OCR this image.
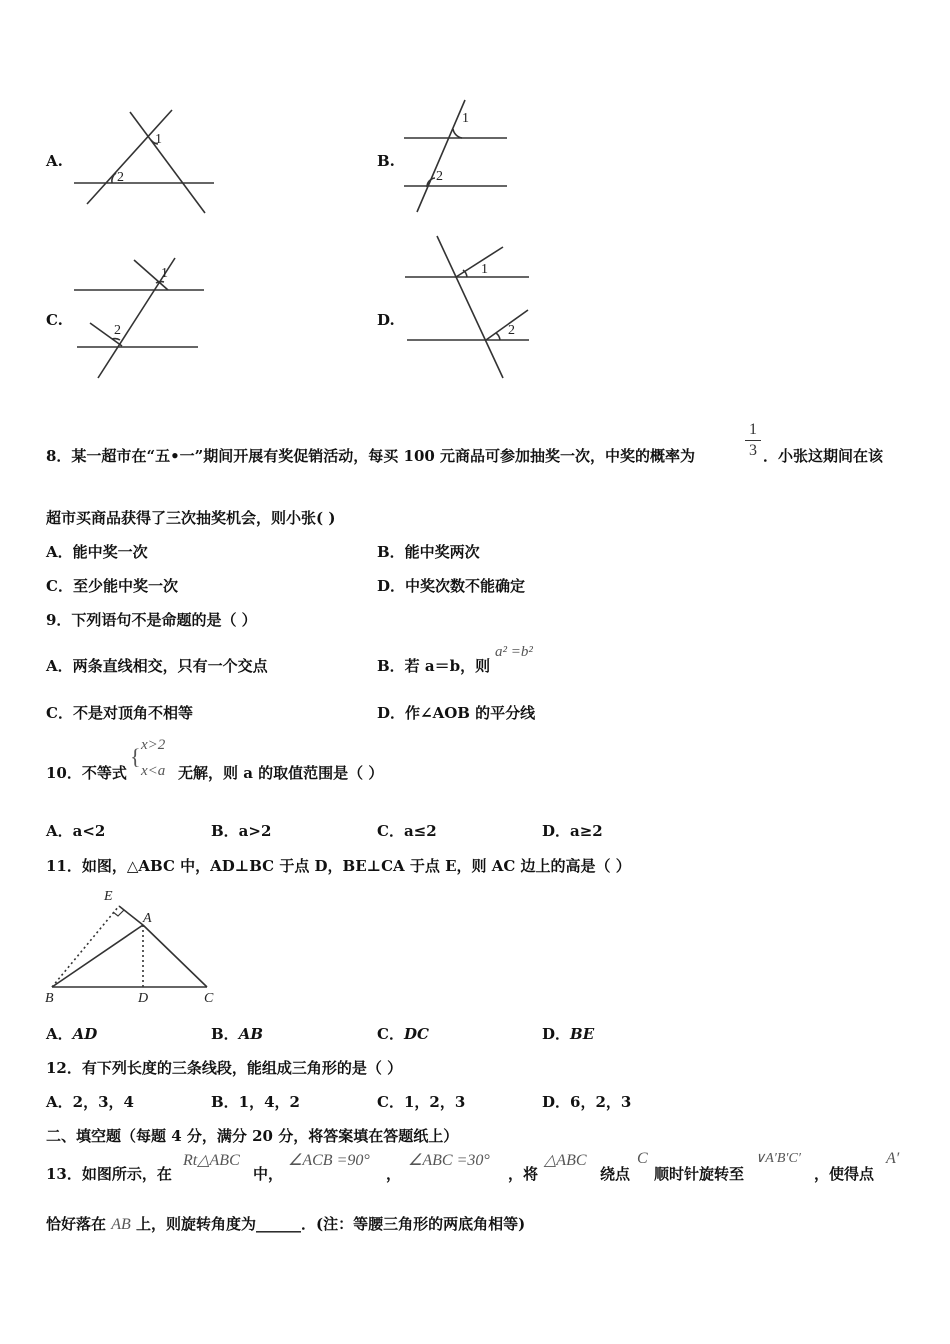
A.
1
2
1
2
1
2
1
2
B.
C.	D.
8．某一超市在“五•一”期间开展有奖促销活动，每买 100 元商品可参加抽奖一次，中奖的概率为
1
3 ．小张这期间在该
超市买商品获得了三次抽奖机会，则小张( )
A．能中奖一次	B．能中奖两次
C．至少能中奖一次	D．中奖次数不能确定
9．下列语句不是命题的是（ ）
A．两条直线相交，只有一个交点	B．若 a＝b，则
a² =b²
C．不是对顶角不相等	D．作∠AOB 的平分线
10．不等式
{ x>2
x<a 无解，则 a 的取值范围是（ ）
A．a<2	B．a>2	C．a≤2	D．a≥2
11．如图，△ABC 中，AD⊥BC 于点 D，BE⊥CA 于点 E，则 AC 边上的高是（ ）
E
A
B	D	C
A．AD	B．AB	C．DC	D．BE
12．有下列长度的三条线段，能组成三角形的是（ ）
A．2，3，4	B．1，4，2	C．1，2，3	D．6，2，3
二、填空题（每题 4 分，满分 20 分，将答案填在答题纸上）
13．如图所示，在
Rt△ABC
中，
∠ACB =90°
，
∠ABC =30°
，将
△ABC
绕点
C
顺时针旋转至
∨A′B′C′
，使得点
A′
恰好落在 AB 上，则旋转角度为______．(注：等腰三角形的两底角相等)
